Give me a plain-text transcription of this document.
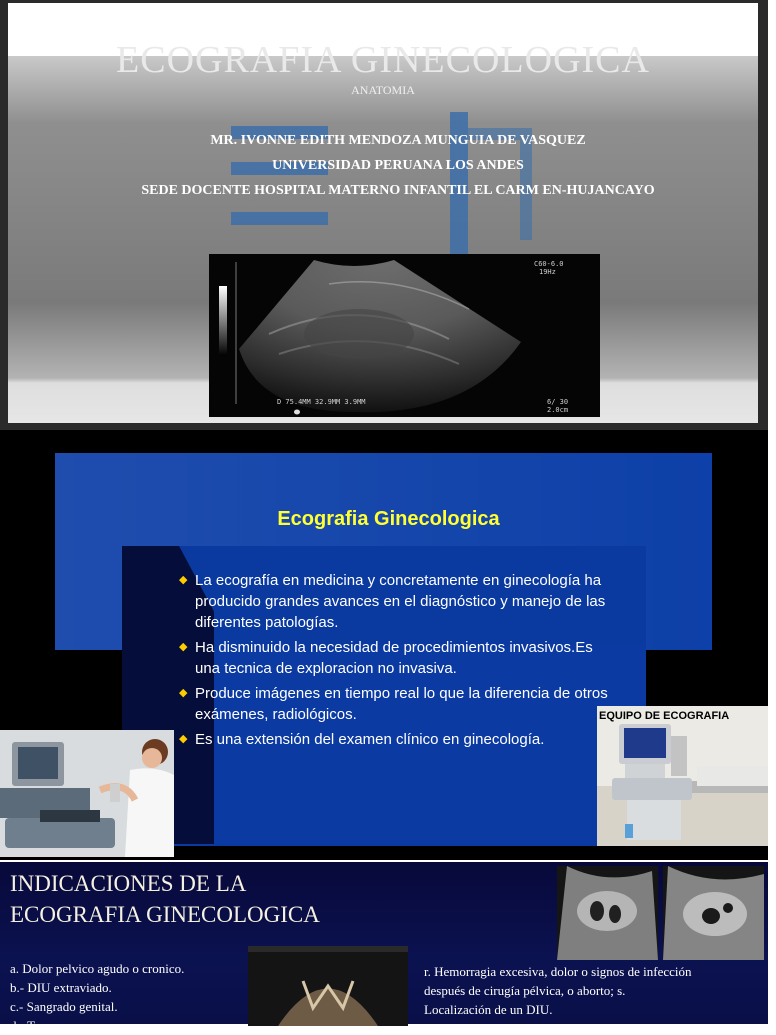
ECOGRAFIA GINECOLOGICA
ANATOMIA
MR. IVONNE EDITH MENDOZA MUNGUIA DE VASQUEZ
UNIVERSIDAD PERUANA LOS ANDES
SEDE DOCENTE HOSPITAL MATERNO INFANTIL EL CARM EN-HUJANCAYO
C60-6.0
19Hz
D 75.4MM 32.9MM 3.9MM	6/ 30
2.0cm
Ecografia Ginecologica
◆ La ecografía en medicina y concretamente en ginecología ha producido grandes avances en el diagnóstico y manejo de las diferentes patologías.
◆ Ha disminuido la necesidad de procedimientos invasivos.Es una tecnica de exploracion no invasiva.
◆ Produce imágenes en tiempo real lo que la diferencia de otros exámenes, radiológicos.
◆ Es una extensión del examen clínico en ginecología.
EQUIPO DE ECOGRAFIA
INDICACIONES DE LA
ECOGRAFIA GINECOLOGICA
a. Dolor pelvico agudo o cronico.
b.- DIU extraviado.
c.- Sangrado genital.
d.- T...
r. Hemorragia excesiva, dolor o signos de infección
después de cirugía pélvica, o aborto; s.
Localización de un DIU.
